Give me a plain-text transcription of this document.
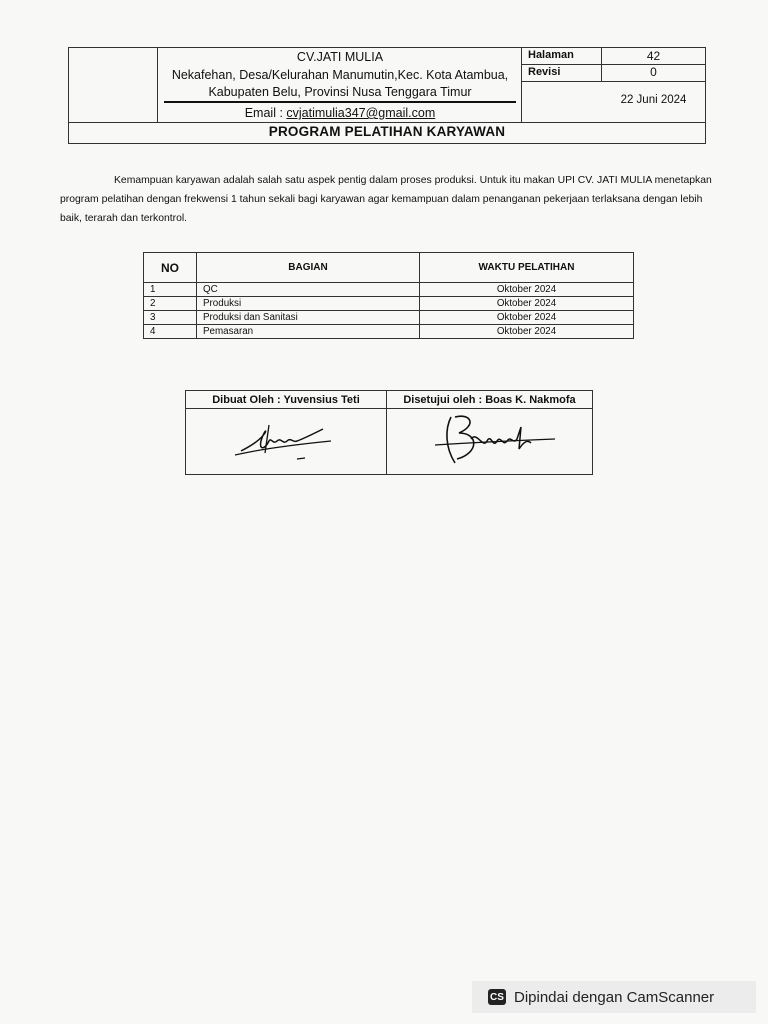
CV.JATI MULIA
Nekafehan, Desa/Kelurahan Manumutin,Kec. Kota Atambua,
Kabupaten Belu, Provinsi Nusa Tenggara Timur
Email : cvjatimulia347@gmail.com
Halaman	42
Revisi	0
22 Juni 2024
PROGRAM PELATIHAN KARYAWAN
Kemampuan karyawan adalah salah satu aspek pentig dalam proses produksi. Untuk itu makan UPI CV. JATI MULIA menetapkan program pelatihan dengan frekwensi 1 tahun sekali bagi karyawan agar kemampuan dalam penanganan pekerjaan terlaksana dengan lebih baik, terarah dan terkontrol.
NO	BAGIAN	WAKTU PELATIHAN
1	QC	Oktober 2024
2	Produksi	Oktober 2024
3	Produksi dan Sanitasi	Oktober 2024
4	Pemasaran	Oktober 2024
Dibuat Oleh : Yuvensius Teti	Disetujui oleh : Boas K. Nakmofa

CS Dipindai dengan CamScanner
